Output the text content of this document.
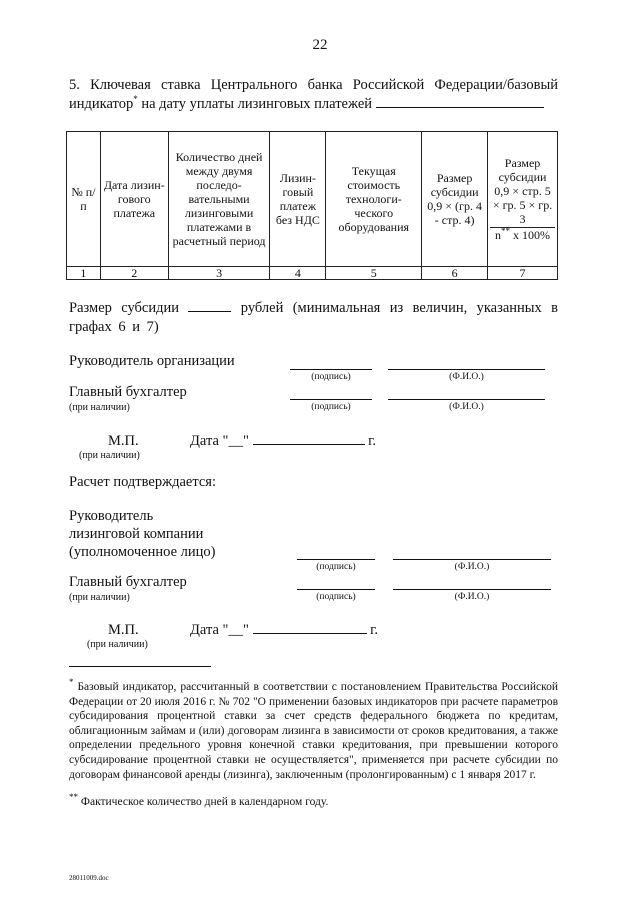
22
5. Ключевая ставка Центрального банка Российской Федерации/базовый индикатор* на дату уплаты лизинговых платежей
№ п/п	Дата лизин-гового платежа	Количество дней между двумя последо-вательными лизинговыми платежами в расчетный период	Лизин-говый платеж без НДС	Текущая стоимость технологи-ческого оборудования	Размер субсидии 0,9 × (гр. 4 - стр. 4)	Размер субсидии
0,9 × стр. 5 × гр. 5 × гр. 3
n** x 100%

1	2	3	4	5	6	7
Размер субсидии	рублей (минимальная из величин, указанных в графах 6 и 7)
Руководитель организации
(подпись)	(Ф.И.О.)
Главный бухгалтер
(при наличии)	(подпись)	(Ф.И.О.)
М.П.
(при наличии)
Дата "__"	г.
Расчет подтверждается:
Руководитель
лизинговой компании
(уполномоченное лицо)
(подпись)	(Ф.И.О.)
Главный бухгалтер
(при наличии)	(подпись)	(Ф.И.О.)
М.П.
(при наличии)
Дата "__"	г.
* Базовый индикатор, рассчитанный в соответствии с постановлением Правительства Российской Федерации от 20 июля 2016 г. № 702 "О применении базовых индикаторов при расчете параметров субсидирования процентной ставки за счет средств федерального бюджета по кредитам, облигационным займам и (или) договорам лизинга в зависимости от сроков кредитования, а также определении предельного уровня конечной ставки кредитования, при превышении которого субсидирование процентной ставки не осуществляется", применяется при расчете субсидии по договорам финансовой аренды (лизинга), заключенным (пролонгированным) с 1 января 2017 г.
** Фактическое количество дней в календарном году.
28011009.doc
